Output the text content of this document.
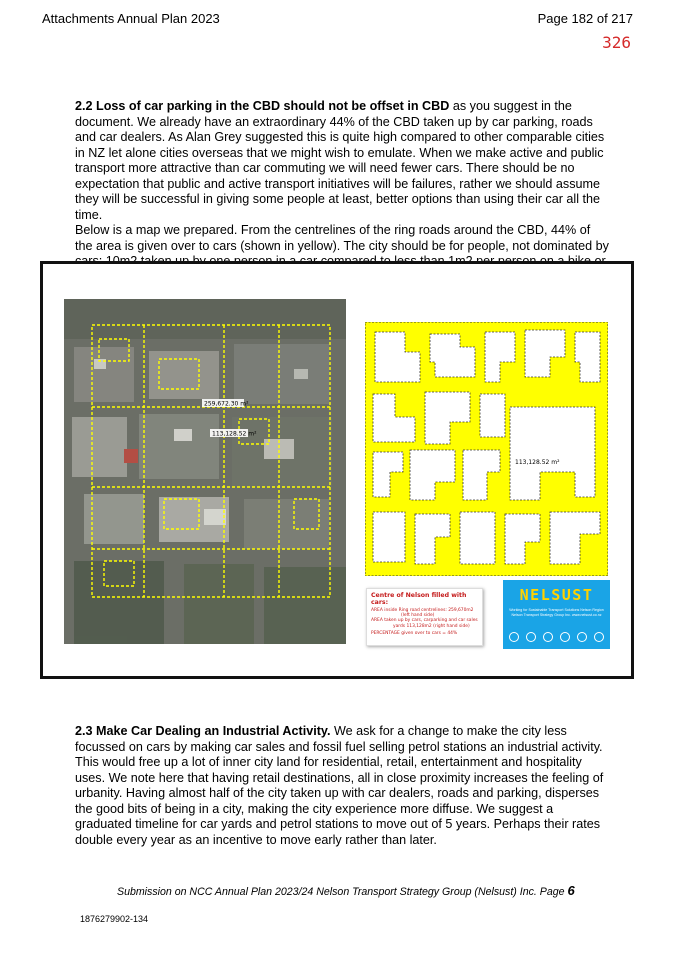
Attachments Annual Plan 2023	Page 182 of 217
326
2.2 Loss of car parking in the CBD should not be offset in CBD as you suggest in the document. We already have an extraordinary 44% of the CBD taken up by car parking, roads and car dealers. As Alan Grey suggested this is quite high compared to other comparable cities in NZ let alone cities overseas that we might wish to emulate. When we make active and public transport more attractive than car commuting we will need fewer cars. There should be no expectation that public and active transport initiatives will be failures, rather we should assume they will be successful in giving some people at least, better options than using their car all the time.
Below is a map we prepared. From the centrelines of the ring roads around the CBD, 44% of the area is given over to cars (shown in yellow). The city should be for people, not dominated by
259,672.30 m²
113,128.52 m²
113,128.52 m²
Centre of Nelson filled with cars:
AREA inside Ring road centrelines: 259,670m2
(left hand side)
AREA taken up by cars, carparking and car sales
yards 113,128m2 (right hand side)
PERCENTAGE given over to cars = 44%
NELSUST
Working for Sustainable Transport Solutions Nelson Region
Nelson Transport Strategy Group Inc. www.nelsust.co.nz
2.3 Make Car Dealing an Industrial Activity. We ask for a change to make the city less focussed on cars by making car sales and fossil fuel selling petrol stations an industrial activity. This would free up a lot of inner city land for residential, retail, entertainment and hospitality uses. We note here that having retail destinations, all in close proximity increases the feeling of urbanity. Having almost half of the city taken up with car dealers, roads and parking, disperses the good bits of being in a city, making the city experience more diffuse. We suggest a graduated timeline for car yards and petrol stations to move out of 5 years. Perhaps their rates double every year as an incentive to move early rather than later.
Submission on NCC Annual Plan 2023/24 Nelson Transport Strategy Group (Nelsust) Inc. Page 6
1876279902-134
